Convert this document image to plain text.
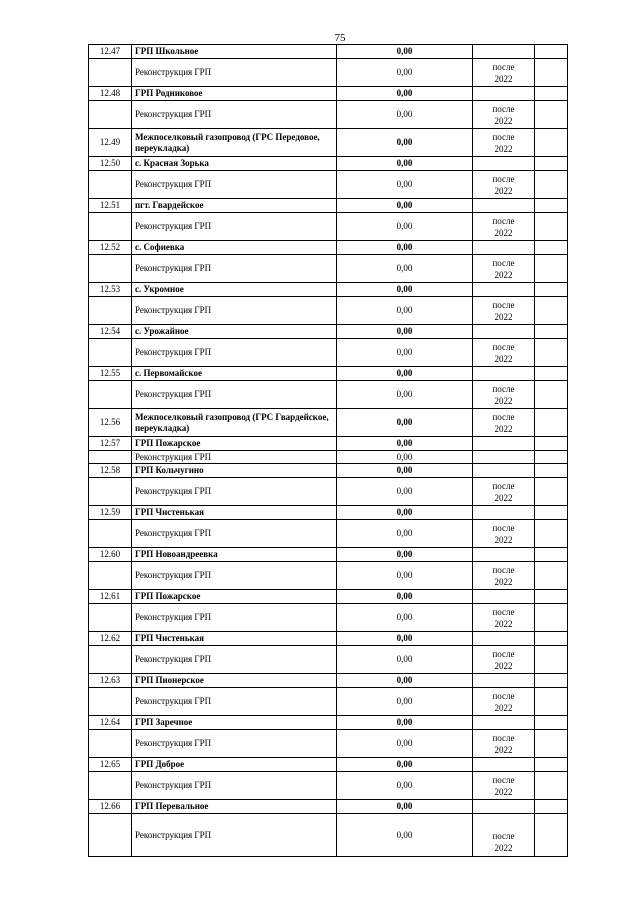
75
12.47	ГРП Школьное	0,00	

	Реконструкция ГРП	0,00	после
2022	

12.48	ГРП Родниковое	0,00	

	Реконструкция ГРП	0,00	после
2022	

12.49	Межпоселковый газопровод (ГРС Передовое, переукладка)	0,00	после
2022	

12.50	с. Красная Зорька	0,00	

	Реконструкция ГРП	0,00	после
2022	

12.51	пгт. Гвардейское	0,00	

	Реконструкция ГРП	0,00	после
2022	

12.52	с. Софиевка	0,00	

	Реконструкция ГРП	0,00	после
2022	

12.53	с. Укромное	0,00	

	Реконструкция ГРП	0,00	после
2022	

12.54	с. Урожайное	0,00	

	Реконструкция ГРП	0,00	после
2022	

12.55	с. Первомайское	0,00	

	Реконструкция ГРП	0,00	после
2022	

12.56	Межпоселковый газопровод (ГРС Гвардейское, переукладка)	0,00	после
2022	

12.57	ГРП Пожарское	0,00	

	Реконструкция ГРП	0,00	

12.58	ГРП Кольчугино	0,00	

	Реконструкция ГРП	0,00	после
2022	

12.59	ГРП Чистенькая	0,00	

	Реконструкция ГРП	0,00	после
2022	

12.60	ГРП Новоандреевка	0,00	

	Реконструкция ГРП	0,00	после
2022	

12.61	ГРП Пожарское	0,00	

	Реконструкция ГРП	0,00	после
2022	

12.62	ГРП Чистенькая	0,00	

	Реконструкция ГРП	0,00	после
2022	

12.63	ГРП Пионерское	0,00	

	Реконструкция ГРП	0,00	после
2022	

12.64	ГРП Заречное	0,00	

	Реконструкция ГРП	0,00	после
2022	

12.65	ГРП Доброе	0,00	

	Реконструкция ГРП	0,00	после
2022	

12.66	ГРП Перевальное	0,00	

	Реконструкция ГРП	0,00	после
2022	
